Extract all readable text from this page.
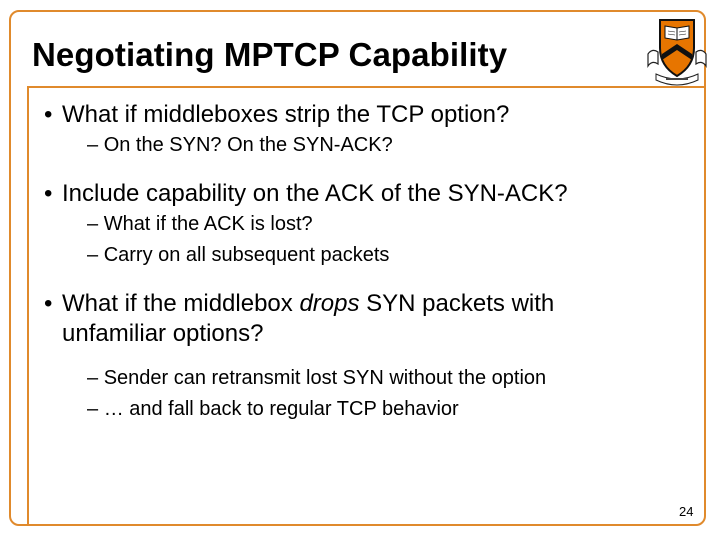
Negotiating MPTCP Capability
• What if middleboxes strip the TCP option?
– On the SYN? On the SYN-ACK?
• Include capability on the ACK of the SYN-ACK?
– What if the ACK is lost?
– Carry on all subsequent packets
• What if the middlebox drops SYN packets with
unfamiliar options?
– Sender can retransmit lost SYN without the option
– … and fall back to regular TCP behavior
24
